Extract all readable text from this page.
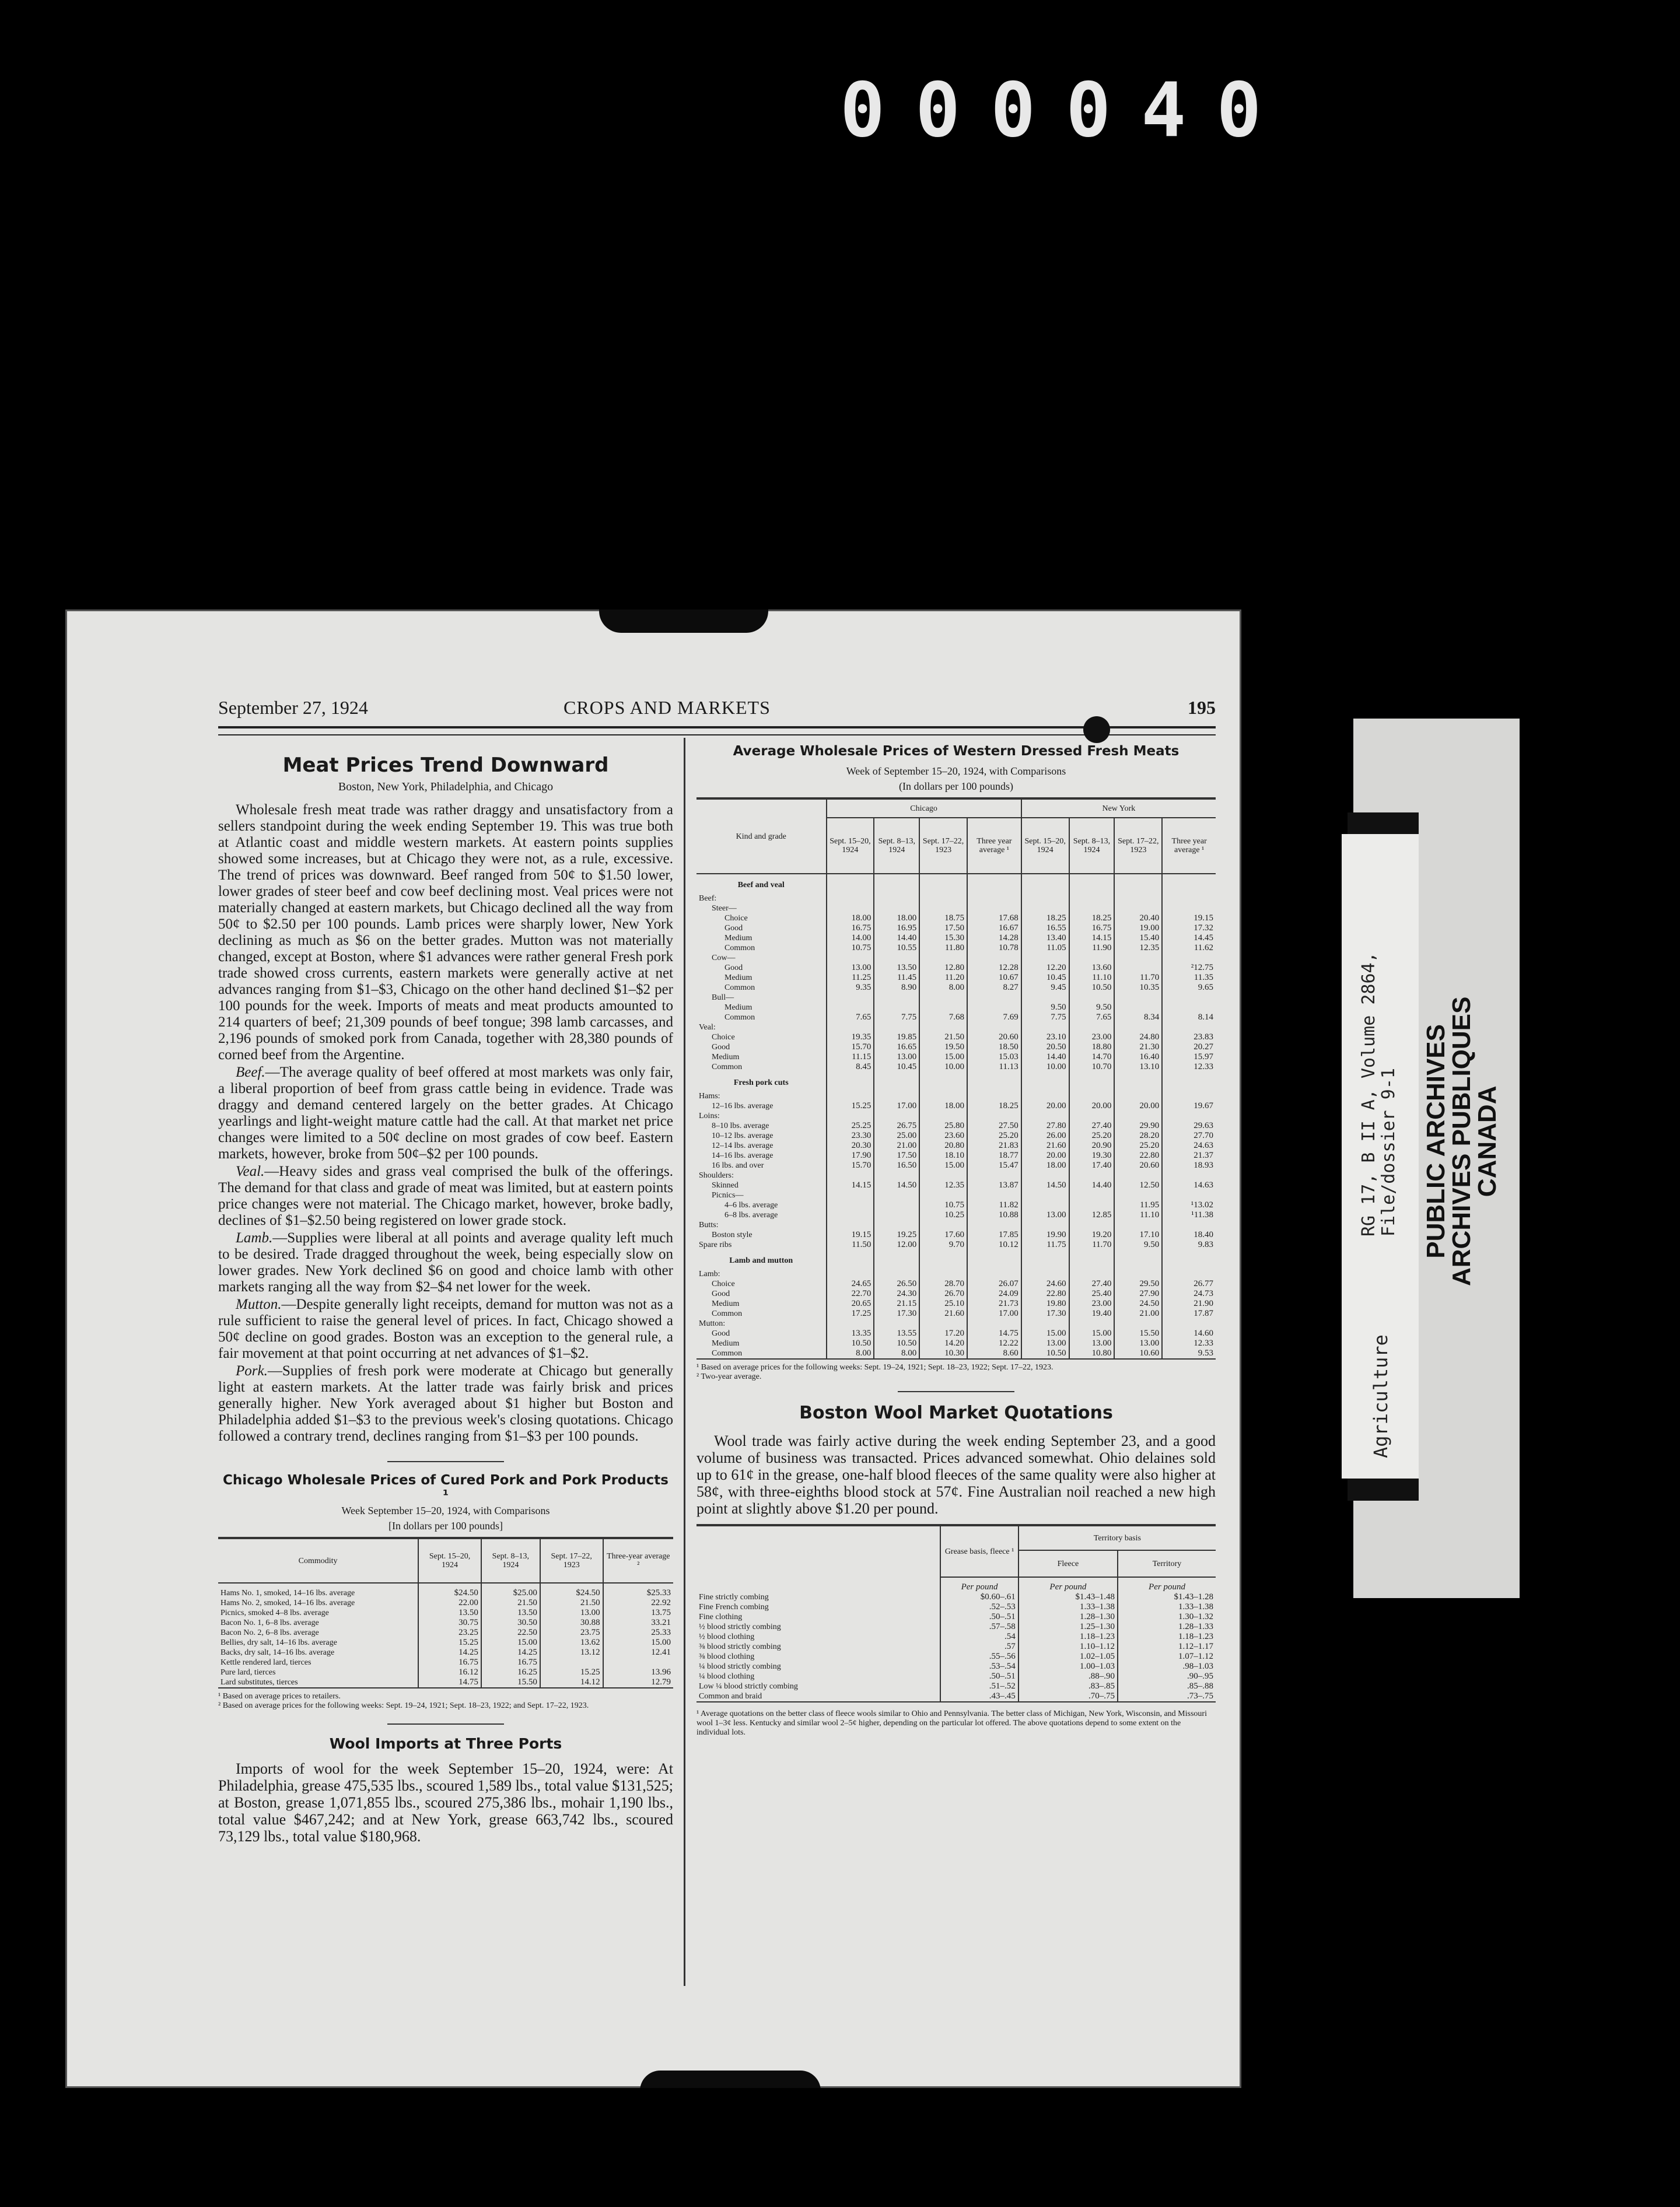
000040
September 27, 1924	CROPS AND MARKETS	195
Meat Prices Trend Downward
Boston, New York, Philadelphia, and Chicago

Wholesale fresh meat trade was rather draggy and unsatisfactory from a sellers standpoint during the week ending September 19. This was true both at Atlantic coast and middle western markets. At eastern points supplies showed some increases, but at Chicago they were not, as a rule, excessive. The trend of prices was downward. Beef ranged from 50¢ to $1.50 lower, lower grades of steer beef and cow beef declining most. Veal prices were not materially changed at eastern markets, but Chicago declined all the way from 50¢ to $2.50 per 100 pounds. Lamb prices were sharply lower, New York declining as much as $6 on the better grades. Mutton was not materially changed, except at Boston, where $1 advances were rather general Fresh pork trade showed cross currents, eastern markets were generally active at net advances ranging from $1–$3, Chicago on the other hand declined $1–$2 per 100 pounds for the week. Imports of meats and meat products amounted to 214 quarters of beef; 21,309 pounds of beef tongue; 398 lamb carcasses, and 2,196 pounds of smoked pork from Canada, together with 28,380 pounds of corned beef from the Argentine.

Beef.—The average quality of beef offered at most markets was only fair, a liberal proportion of beef from grass cattle being in evidence. Trade was draggy and demand centered largely on the better grades. At Chicago yearlings and light-weight mature cattle had the call. At that market net price changes were limited to a 50¢ decline on most grades of cow beef. Eastern markets, however, broke from 50¢–$2 per 100 pounds.

Veal.—Heavy sides and grass veal comprised the bulk of the offerings. The demand for that class and grade of meat was limited, but at eastern points price changes were not material. The Chicago market, however, broke badly, declines of $1–$2.50 being registered on lower grade stock.

Lamb.—Supplies were liberal at all points and average quality left much to be desired. Trade dragged throughout the week, being especially slow on lower grades. New York declined $6 on good and choice lamb with other markets ranging all the way from $2–$4 net lower for the week.

Mutton.—Despite generally light receipts, demand for mutton was not as a rule sufficient to raise the general level of prices. In fact, Chicago showed a 50¢ decline on good grades. Boston was an exception to the general rule, a fair movement at that point occurring at net advances of $1–$2.

Pork.—Supplies of fresh pork were moderate at Chicago but generally light at eastern markets. At the latter trade was fairly brisk and prices generally higher. New York averaged about $1 higher but Boston and Philadelphia added $1–$3 to the previous week's closing quotations. Chicago followed a contrary trend, declines ranging from $1–$3 per 100 pounds.

Chicago Wholesale Prices of Cured Pork and Pork Products ¹
Week September 15–20, 1924, with Comparisons
[In dollars per 100 pounds]
Commodity	Sept. 15–20, 1924	Sept. 8–13, 1924	Sept. 17–22, 1923	Three-year average ²
Hams No. 1, smoked, 14–16 lbs. average	$24.50	$25.00	$24.50	$25.33
Hams No. 2, smoked, 14–16 lbs. average	22.00	21.50	21.50	22.92
Picnics, smoked 4–8 lbs. average	13.50	13.50	13.00	13.75
Bacon No. 1, 6–8 lbs. average	30.75	30.50	30.88	33.21
Bacon No. 2, 6–8 lbs. average	23.25	22.50	23.75	25.33
Bellies, dry salt, 14–16 lbs. average	15.25	15.00	13.62	15.00
Backs, dry salt, 14–16 lbs. average	14.25	14.25	13.12	12.41
Kettle rendered lard, tierces	16.75	16.75		
Pure lard, tierces	16.12	16.25	15.25	13.96
Lard substitutes, tierces	14.75	15.50	14.12	12.79
¹ Based on average prices to retailers.
² Based on average prices for the following weeks: Sept. 19–24, 1921; Sept. 18–23, 1922; and Sept. 17–22, 1923.
Wool Imports at Three Ports

Imports of wool for the week September 15–20, 1924, were: At Philadelphia, grease 475,535 lbs., scoured 1,589 lbs., total value $131,525; at Boston, grease 1,071,855 lbs., scoured 275,386 lbs., mohair 1,190 lbs., total value $467,242; and at New York, grease 663,742 lbs., scoured 73,129 lbs., total value $180,968.

Average Wholesale Prices of Western Dressed Fresh Meats
Week of September 15–20, 1924, with Comparisons
(In dollars per 100 pounds)
Kind and grade	Chicago				New York			
	Sept. 15–20, 1924	Sept. 8–13, 1924	Sept. 17–22, 1923	Three year average ¹	Sept. 15–20, 1924	Sept. 8–13, 1924	Sept. 17–22, 1923	Three year average ¹
Beef and veal								
Beef:								
Steer—								
Choice	18.00	18.00	18.75	17.68	18.25	18.25	20.40	19.15
Good	16.75	16.95	17.50	16.67	16.55	16.75	19.00	17.32
Medium	14.00	14.40	15.30	14.28	13.40	14.15	15.40	14.45
Common	10.75	10.55	11.80	10.78	11.05	11.90	12.35	11.62
Cow—								
Good	13.00	13.50	12.80	12.28	12.20	13.60		²12.75
Medium	11.25	11.45	11.20	10.67	10.45	11.10	11.70	11.35
Common	9.35	8.90	8.00	8.27	9.45	10.50	10.35	9.65
Bull—								
Medium					9.50	9.50		
Common	7.65	7.75	7.68	7.69	7.75	7.65	8.34	8.14
Veal:								
Choice	19.35	19.85	21.50	20.60	23.10	23.00	24.80	23.83
Good	15.70	16.65	19.50	18.50	20.50	18.80	21.30	20.27
Medium	11.15	13.00	15.00	15.03	14.40	14.70	16.40	15.97
Common	8.45	10.45	10.00	11.13	10.00	10.70	13.10	12.33
Fresh pork cuts								
Hams:								
12–16 lbs. average	15.25	17.00	18.00	18.25	20.00	20.00	20.00	19.67
Loins:								
8–10 lbs. average	25.25	26.75	25.80	27.50	27.80	27.40	29.90	29.63
10–12 lbs. average	23.30	25.00	23.60	25.20	26.00	25.20	28.20	27.70
12–14 lbs. average	20.30	21.00	20.80	21.83	21.60	20.90	25.20	24.63
14–16 lbs. average	17.90	17.50	18.10	18.77	20.00	19.30	22.80	21.37
16 lbs. and over	15.70	16.50	15.00	15.47	18.00	17.40	20.60	18.93
Shoulders:								
Skinned	14.15	14.50	12.35	13.87	14.50	14.40	12.50	14.63
Picnics—								
4–6 lbs. average			10.75	11.82			11.95	¹13.02
6–8 lbs. average			10.25	10.88	13.00	12.85	11.10	¹11.38
Butts:								
Boston style	19.15	19.25	17.60	17.85	19.90	19.20	17.10	18.40
Spare ribs	11.50	12.00	9.70	10.12	11.75	11.70	9.50	9.83
Lamb and mutton								
Lamb:								
Choice	24.65	26.50	28.70	26.07	24.60	27.40	29.50	26.77
Good	22.70	24.30	26.70	24.09	22.80	25.40	27.90	24.73
Medium	20.65	21.15	25.10	21.73	19.80	23.00	24.50	21.90
Common	17.25	17.30	21.60	17.00	17.30	19.40	21.00	17.87
Mutton:								
Good	13.35	13.55	17.20	14.75	15.00	15.00	15.50	14.60
Medium	10.50	10.50	14.20	12.22	13.00	13.00	13.00	12.33
Common	8.00	8.00	10.30	8.60	10.50	10.80	10.60	9.53
¹ Based on average prices for the following weeks: Sept. 19–24, 1921; Sept. 18–23, 1922; Sept. 17–22, 1923.
² Two-year average.
Boston Wool Market Quotations

Wool trade was fairly active during the week ending September 23, and a good volume of business was transacted. Prices advanced somewhat. Ohio delaines sold up to 61¢ in the grease, one-half blood fleeces of the same quality were also higher at 58¢, with three-eighths blood stock at 57¢. Fine Australian noil reached a new high point at slightly above $1.20 per pound.

	Grease basis, fleece ¹	Territory basis	
		Fleece	Territory
	Per pound	Per pound	Per pound
Fine strictly combing	$0.60–.61	$1.43–1.48	$1.43–1.28
Fine French combing	.52–.53	1.33–1.38	1.33–1.38
Fine clothing	.50–.51	1.28–1.30	1.30–1.32
½ blood strictly combing	.57–.58	1.25–1.30	1.28–1.33
½ blood clothing	.54	1.18–1.23	1.18–1.23
⅜ blood strictly combing	.57	1.10–1.12	1.12–1.17
⅜ blood clothing	.55–.56	1.02–1.05	1.07–1.12
¼ blood strictly combing	.53–.54	1.00–1.03	.98–1.03
¼ blood clothing	.50–.51	.88–.90	.90–.95
Low ¼ blood strictly combing	.51–.52	.83–.85	.85–.88
Common and braid	.43–.45	.70–.75	.73–.75
¹ Average quotations on the better class of fleece wools similar to Ohio and Pennsylvania. The better class of Michigan, New York, Wisconsin, and Missouri wool 1–3¢ less. Kentucky and similar wool 2–5¢ higher, depending on the particular lot offered. The above quotations depend to some extent on the individual lots.
Agriculture
RG 17, B II A, Volume 2864, File/dossier 9-1 PUBLIC ARCHIVES
ARCHIVES PUBLIQUES
CANADA
